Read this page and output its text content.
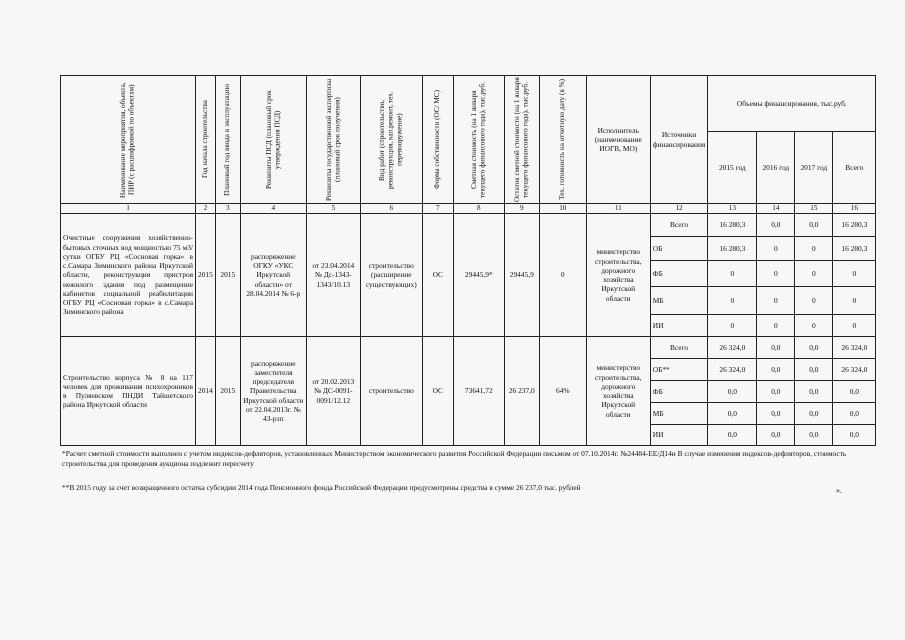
Наименование мероприятия, объекта, ПИР (с расшифровкой по объектам)	Год начала строительства	Плановый год ввода в эксплуатацию	Реквизиты ПСД (плановый срок утверждения ПСД)	Реквизиты государственной экспертизы (плановый срок получения)	Вид работ (строительство, реконструкция, кап.ремонт, тех. перевооружение)	Форма собственности (ОС/ МС)	Сметная стоимость (на 1 января текущего финансового года), тыс.руб.	Остаток сметной стоимости (на 1 января текущего финансового года), тыс.руб.	Тех. готовность на отчетную дату (в %)	Исполнитель (наименование ИОГВ, МО)	Источники финансирования	Объемы финансирования, тыс.руб.			
												2015 год	2016 год	2017 год	Всего
1	2	3	4	5	6	7	8	9	10	11	12	13	14	15	16
Очистные сооружения хозяйственно-бытовых сточных вод мощностью 75 м3/сутки ОГБУ РЦ «Сосновая горка» в с.Самара Зиминского района Иркутской области, реконструкция пристроя нежилого здания под размещение кабинетов социальной реабилитации ОГБУ РЦ «Сосновая горка» в с.Самара Зиминского района	2015	2015	распоряжение ОГКУ «УКС Иркутской области» от 28.04.2014 № 6-р	от 23.04.2014 № Дс-1343-1343/10.13	строительство (расширение существующих)	ОС	29445,9*	29445,9	0	министерство строительства, дорожного хозяйства Иркутской области	Всего	16 280,3	0,0	0,0	16 280,3
											ОБ	16 280,3	0	0	16 280,3
											ФБ	0	0	0	0
											МБ	0	0	0	0
											ИИ	0	0	0	0
Строительство корпуса № 8 на 117 человек для проживания психохроников в Пуляевском ПНДИ Тайшетского района Иркутской области	2014	2015	распоряжение заместителя председателя Правительства Иркутской области от 22.04.2013г. № 43-рзп	от 20.02.2013 № ДС-0091-0091/12.12	строительство	ОС	73641,72	26 237,0	64%	министерство строительства, дорожного хозяйства Иркутской области	Всего	26 324,0	0,0	0,0	26 324,0
											ОБ**	26 324,0	0,0	0,0	26 324,0
											ФБ	0,0	0,0	0,0	0,0
											МБ	0,0	0,0	0,0	0,0
											ИИ	0,0	0,0	0,0	0,0
*Расчет сметной стоимости выполнен с учетом индексов-дефляторов, установленных Министерством экономического развития Российской Федерации письмом от 07.10.2014г. №24484-ЕЕ/Д14и В случае изменения индексов-дефляторов, стоимость строительства для проведения аукциона подлежит пересчету
**В 2015 году за счет возвращенного остатка субсидии 2014 года Пенсионного фонда Российской Федерации предусмотрены средства в сумме 26 237,0 тыс. рублей	».
